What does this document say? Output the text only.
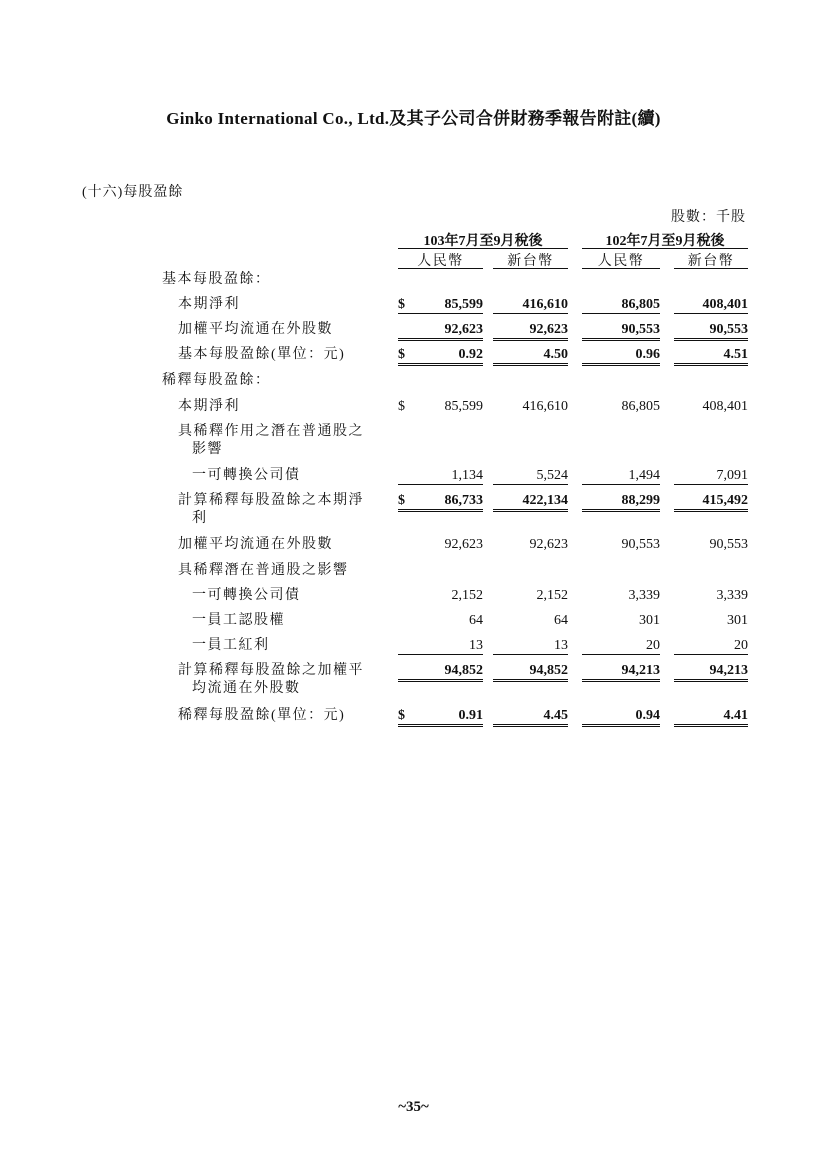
Ginko International Co., Ltd.及其子公司合併財務季報告附註(續)
(十六)每股盈餘
股數：千股
103年7月至9月稅後	102年7月至9月稅後
人民幣	新台幣	人民幣	新台幣
基本每股盈餘：
本期淨利	$	85,599	416,610	86,805	408,401
加權平均流通在外股數	92,623	92,623	90,553	90,553
基本每股盈餘(單位：元)	$	0.92	4.50	0.96	4.51
稀釋每股盈餘：
本期淨利	$	85,599	416,610	86,805	408,401
具稀釋作用之潛在普通股之
影響
一可轉換公司債	1,134	5,524	1,494	7,091
計算稀釋每股盈餘之本期淨
利
$	86,733	422,134	88,299	415,492
加權平均流通在外股數	92,623	92,623	90,553	90,553
具稀釋潛在普通股之影響
一可轉換公司債	2,152	2,152	3,339	3,339
一員工認股權	64	64	301	301
一員工紅利	13	13	20	20
計算稀釋每股盈餘之加權平
均流通在外股數
94,852	94,852	94,213	94,213
稀釋每股盈餘(單位：元)	$	0.91	4.45	0.94	4.41
~35~
